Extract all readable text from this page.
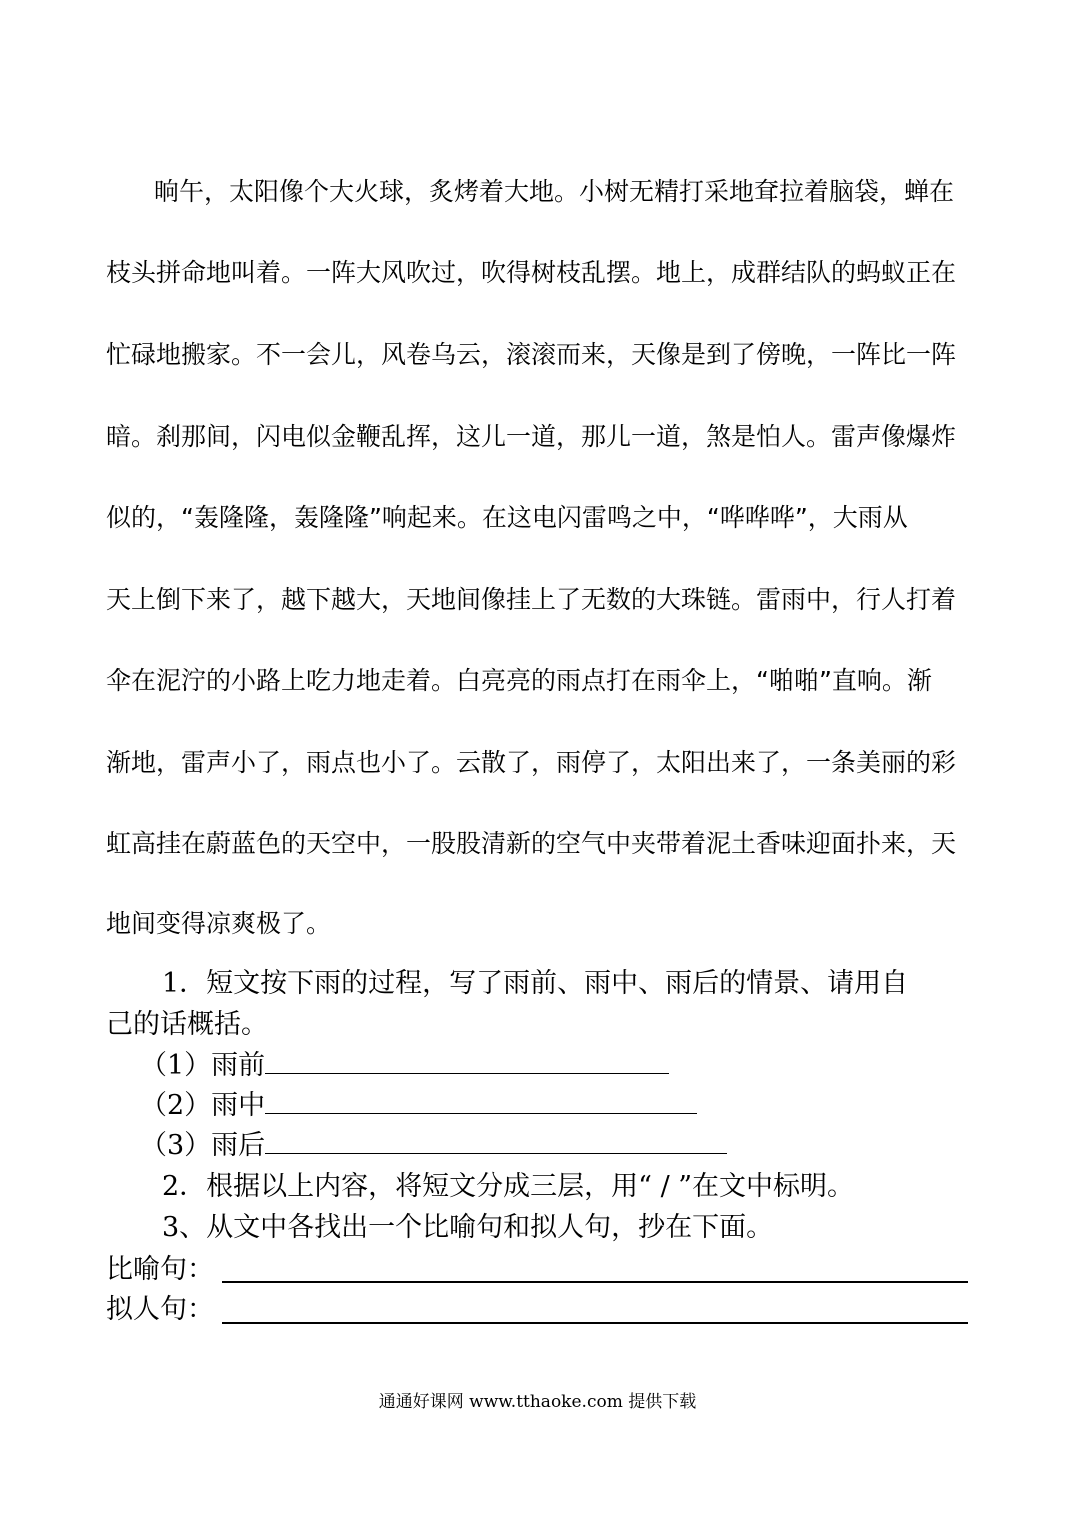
晌午，太阳像个大火球，炙烤着大地。小树无精打采地耷拉着脑袋，蝉在
枝头拼命地叫着。一阵大风吹过，吹得树枝乱摆。地上，成群结队的蚂蚁正在
忙碌地搬家。不一会儿，风卷乌云，滚滚而来，天像是到了傍晚，一阵比一阵
暗。刹那间，闪电似金鞭乱挥，这儿一道，那儿一道，煞是怕人。雷声像爆炸
似的，“轰隆隆，轰隆隆”响起来。在这电闪雷鸣之中，“哗哗哗”，大雨从
天上倒下来了，越下越大，天地间像挂上了无数的大珠链。雷雨中，行人打着
伞在泥泞的小路上吃力地走着。白亮亮的雨点打在雨伞上，“啪啪”直响。渐
渐地，雷声小了，雨点也小了。云散了，雨停了，太阳出来了，一条美丽的彩
虹高挂在蔚蓝色的天空中，一股股清新的空气中夹带着泥土香味迎面扑来，天
地间变得凉爽极了。
1．短文按下雨的过程，写了雨前、雨中、雨后的情景、请用自
己的话概括。
（1）雨前
（2）雨中
（3）雨后
2．根据以上内容，将短文分成三层，用“ / ”在文中标明。
3、从文中各找出一个比喻句和拟人句，抄在下面。
比喻句：
拟人句：
通通好课网 www.tthaoke.com 提供下载
